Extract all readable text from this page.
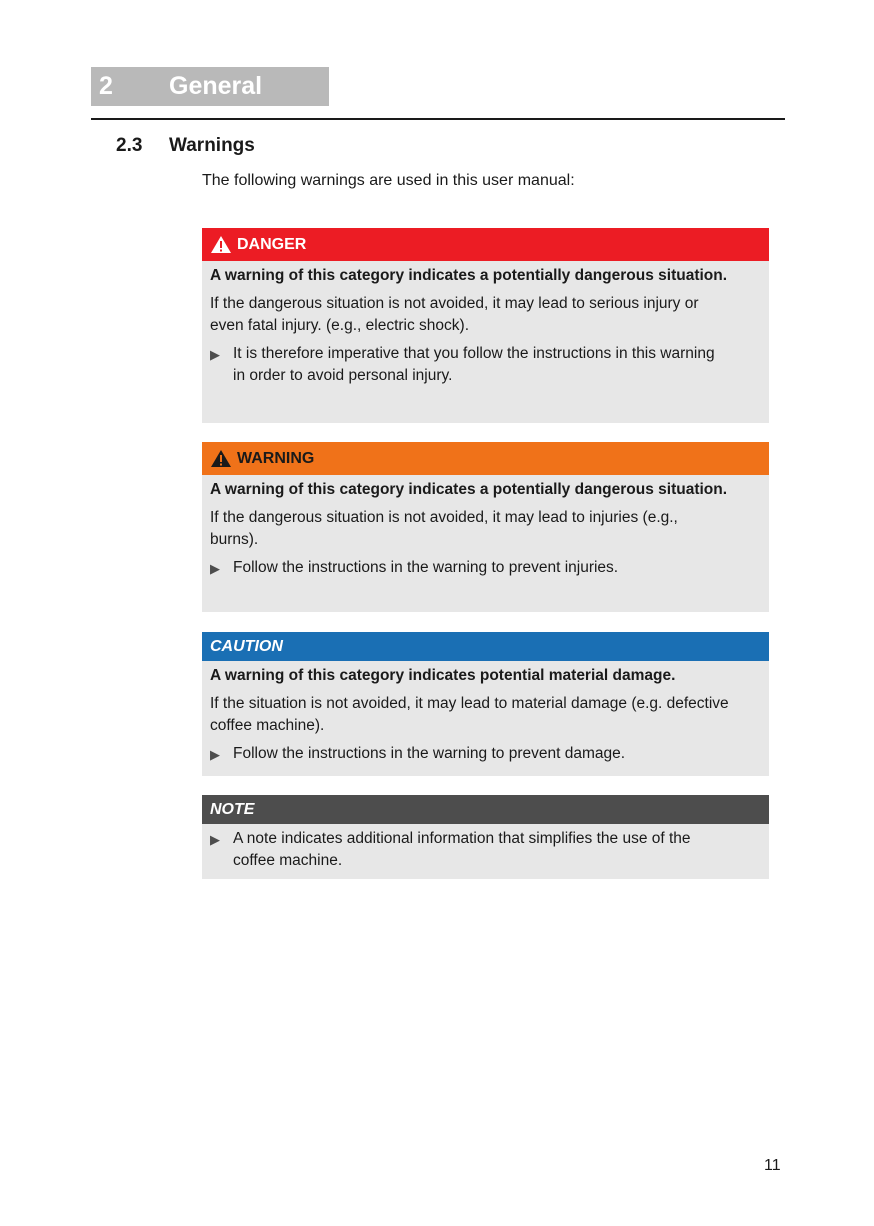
2 General
2.3 Warnings
The following warnings are used in this user manual:
DANGER

A warning of this category indicates a potentially dangerous situation.

If the dangerous situation is not avoided, it may lead to serious injury or even fatal injury. (e.g., electric shock).

▶ It is therefore imperative that you follow the instructions in this warning in order to avoid personal injury.
WARNING

A warning of this category indicates a potentially dangerous situation.

If the dangerous situation is not avoided, it may lead to injuries (e.g., burns).

▶ Follow the instructions in the warning to prevent injuries.
CAUTION

A warning of this category indicates potential material damage.

If the situation is not avoided, it may lead to material damage (e.g. defective coffee machine).

▶ Follow the instructions in the warning to prevent damage.
NOTE
▶ A note indicates additional information that simplifies the use of the coffee machine.
11
